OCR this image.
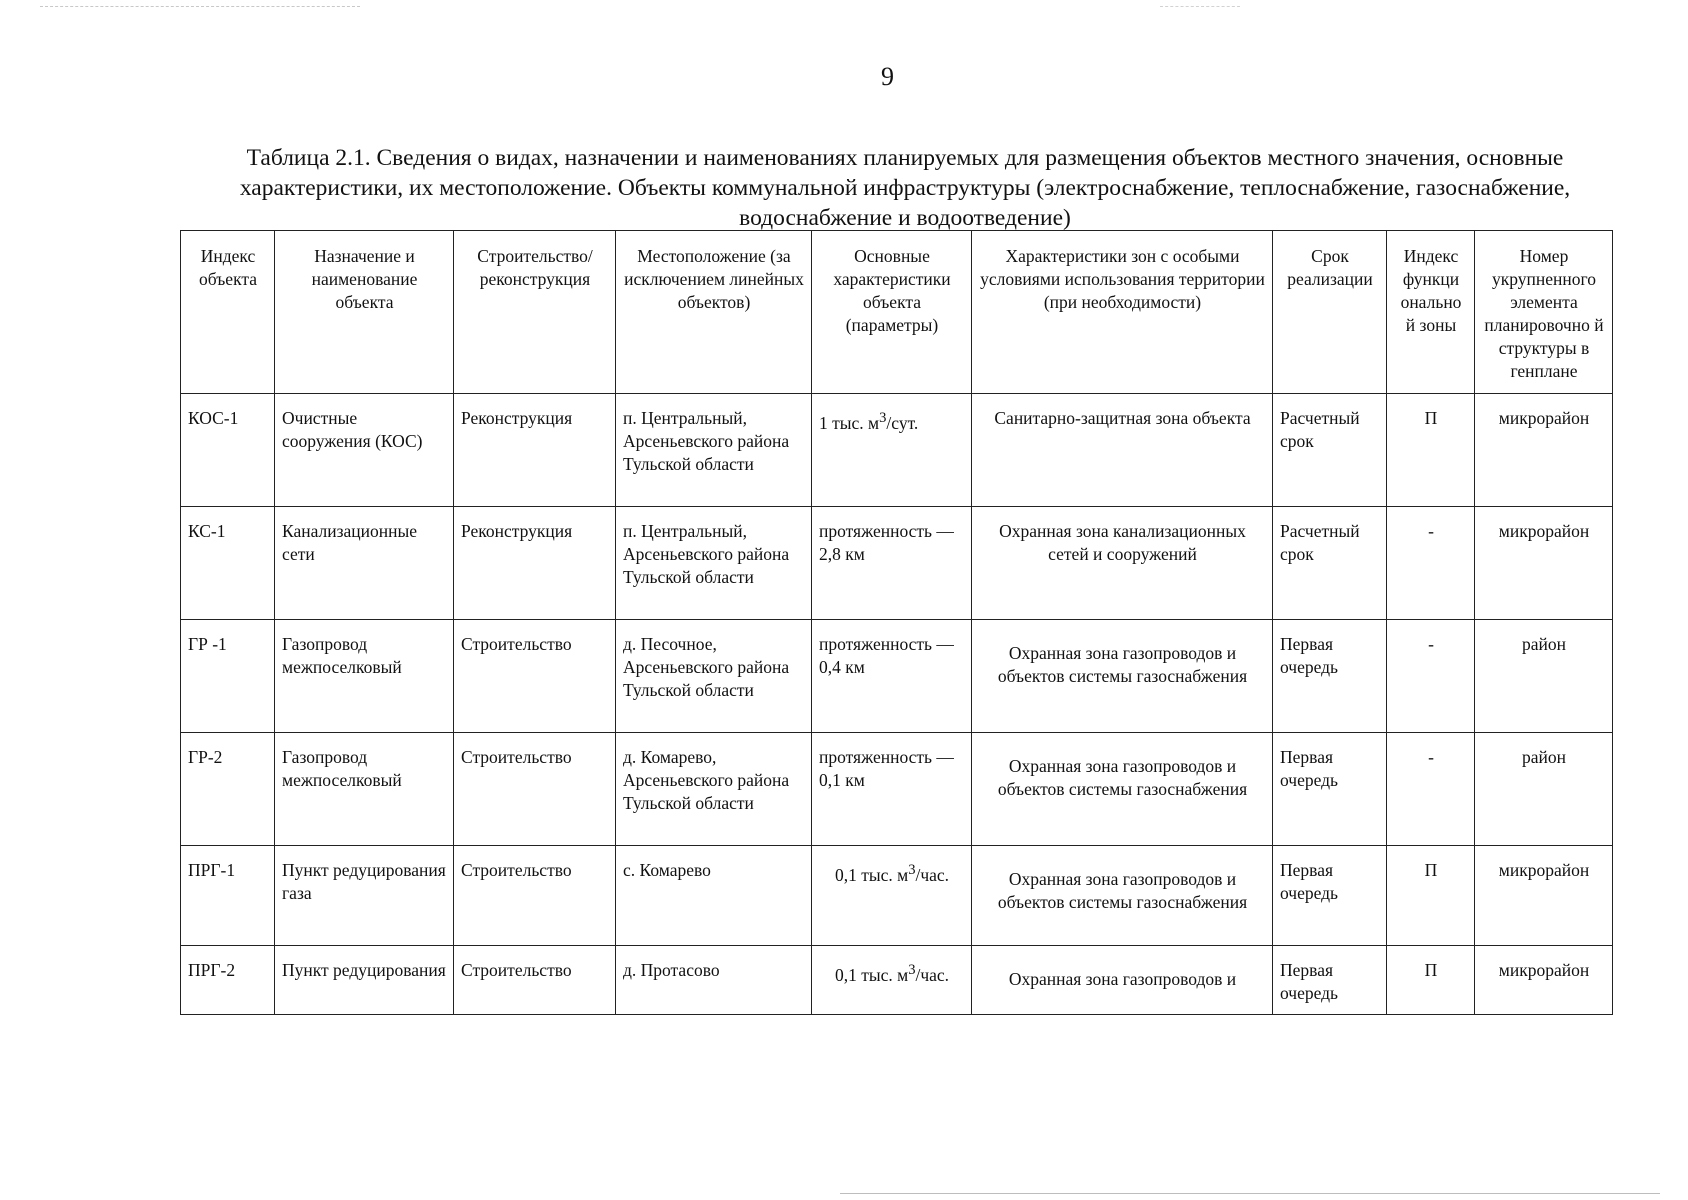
9
Таблица 2.1. Сведения о видах, назначении и наименованиях планируемых для размещения объектов местного значения, основные характеристики, их местоположение. Объекты коммунальной инфраструктуры (электроснабжение, теплоснабжение, газоснабжение, водоснабжение и водоотведение)
Индекс объекта	Назначение и наименование объекта	Строительство/ реконструкция	Местоположение (за исключением линейных объектов)	Основные характеристики объекта (параметры)	Характеристики зон с особыми условиями использования территории (при необходимости)	Срок реализации	Индекс функци онально й зоны	Номер укрупненного элемента планировочно й структуры в генплане
КОС-1	Очистные сооружения (КОС)	Реконструкция	п. Центральный, Арсеньевского района Тульской области	1 тыс. $м^3$/сут.	Санитарно-защитная зона объекта	Расчетный срок	П	микрорайон
КС-1	Канализационные сети	Реконструкция	п. Центральный, Арсеньевского района Тульской области	протяженность — 2,8 км	Охранная зона канализационных сетей и сооружений	Расчетный срок	-	микрорайон
ГР -1	Газопровод межпоселковый	Строительство	д. Песочное, Арсеньевского района Тульской области	протяженность — 0,4 км	Охранная зона газопроводов и объектов системы газоснабжения	Первая очередь	-	район
ГР-2	Газопровод межпоселковый	Строительство	д. Комарево, Арсеньевского района Тульской области	протяженность — 0,1 км	Охранная зона газопроводов и объектов системы газоснабжения	Первая очередь	-	район
ПРГ-1	Пункт редуцирования газа	Строительство	с. Комарево	0,1 тыс. $м^3$/час.	Охранная зона газопроводов и объектов системы газоснабжения	Первая очередь	П	микрорайон
ПРГ-2	Пункт редуцирования	Строительство	д. Протасово	0,1 тыс. $м^3$/час.	Охранная зона газопроводов и	Первая очередь	П	микрорайон
